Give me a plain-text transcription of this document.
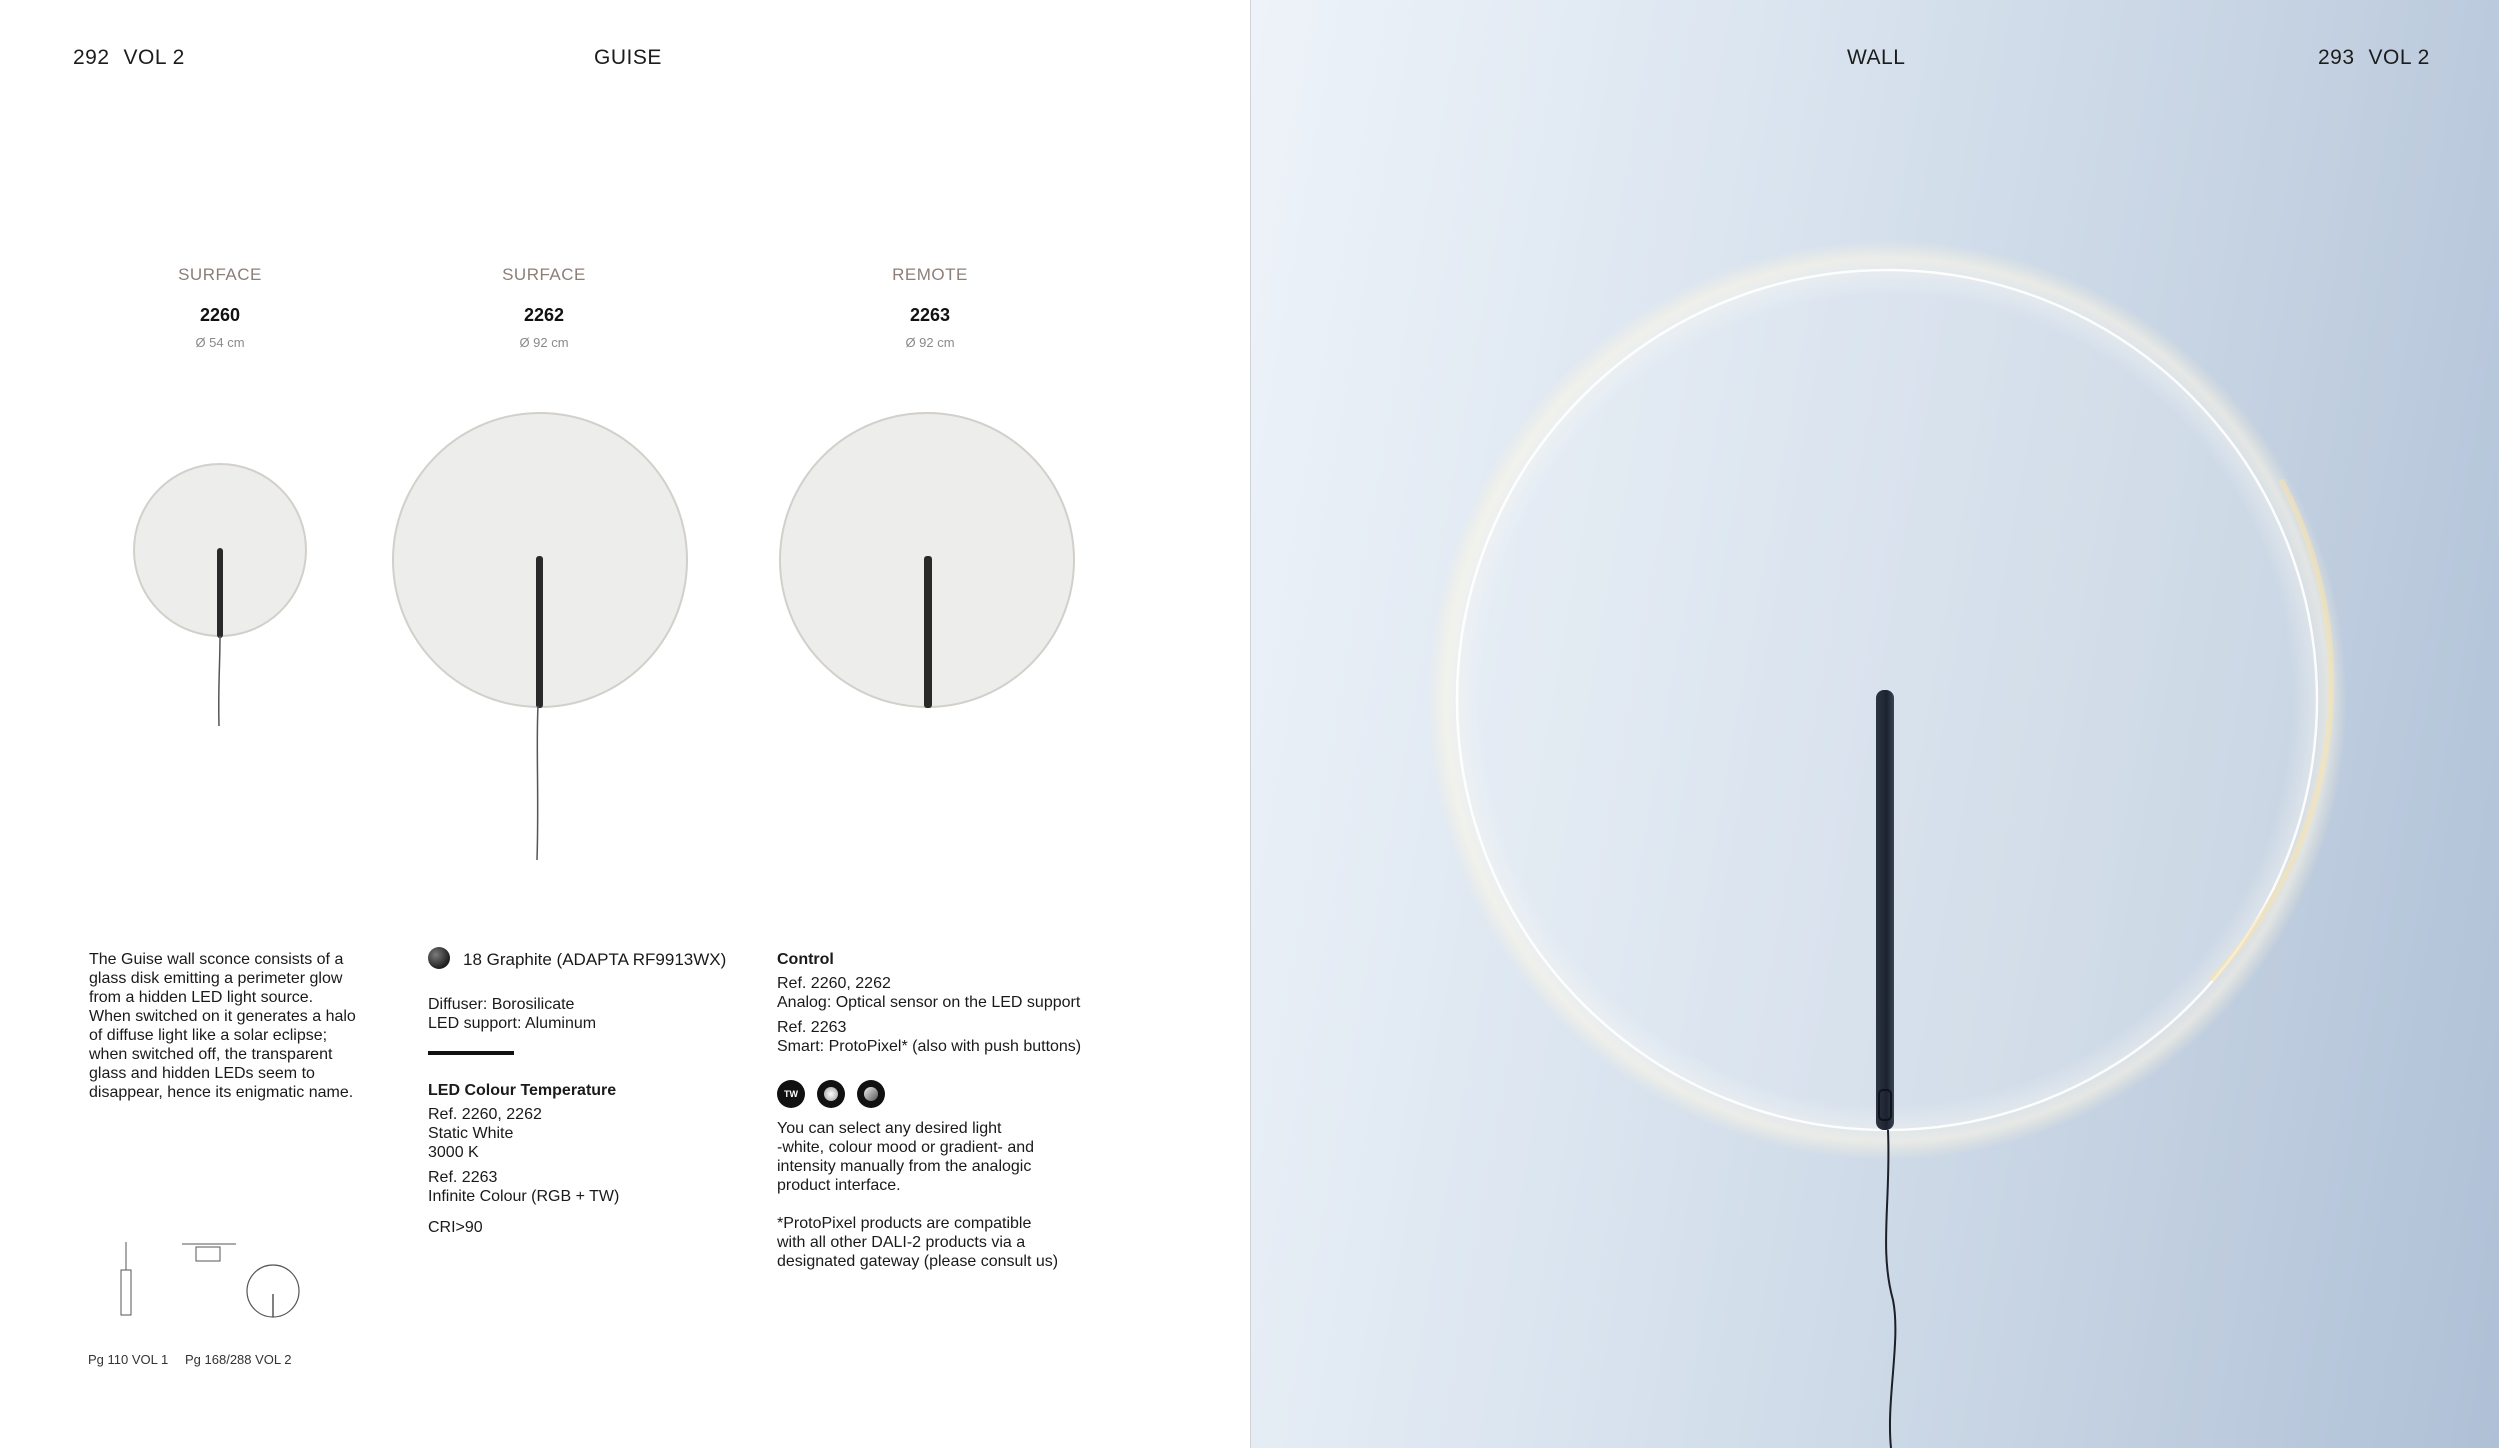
292 VOL 2	GUISE
SURFACE
2260
Ø 54 cm
SURFACE
2262
Ø 92 cm
REMOTE
2263
Ø 92 cm

The Guise wall sconce consists of a

glass disk emitting a perimeter glow

from a hidden LED light source.

When switched on it generates a halo

of diffuse light like a solar eclipse;

when switched off, the transparent

glass and hidden LEDs seem to

disappear, hence its enigmatic name.

18 Graphite (ADAPTA RF9913WX)

Diffuser: Borosilicate

LED support: Aluminum

LED Colour Temperature

Ref. 2260, 2262

Static White

3000 K

Ref. 2263

Infinite Colour (RGB + TW)

CRI>90

Control

Ref. 2260, 2262

Analog: Optical sensor on the LED support

Ref. 2263

Smart: ProtoPixel* (also with push buttons)

TW

You can select any desired light

-white, colour mood or gradient- and

intensity manually from the analogic

product interface.

*ProtoPixel products are compatible

with all other DALI-2 products via a

designated gateway (please consult us)

Pg 110 VOL 1 Pg 168/288 VOL 2
WALL	293 VOL 2
